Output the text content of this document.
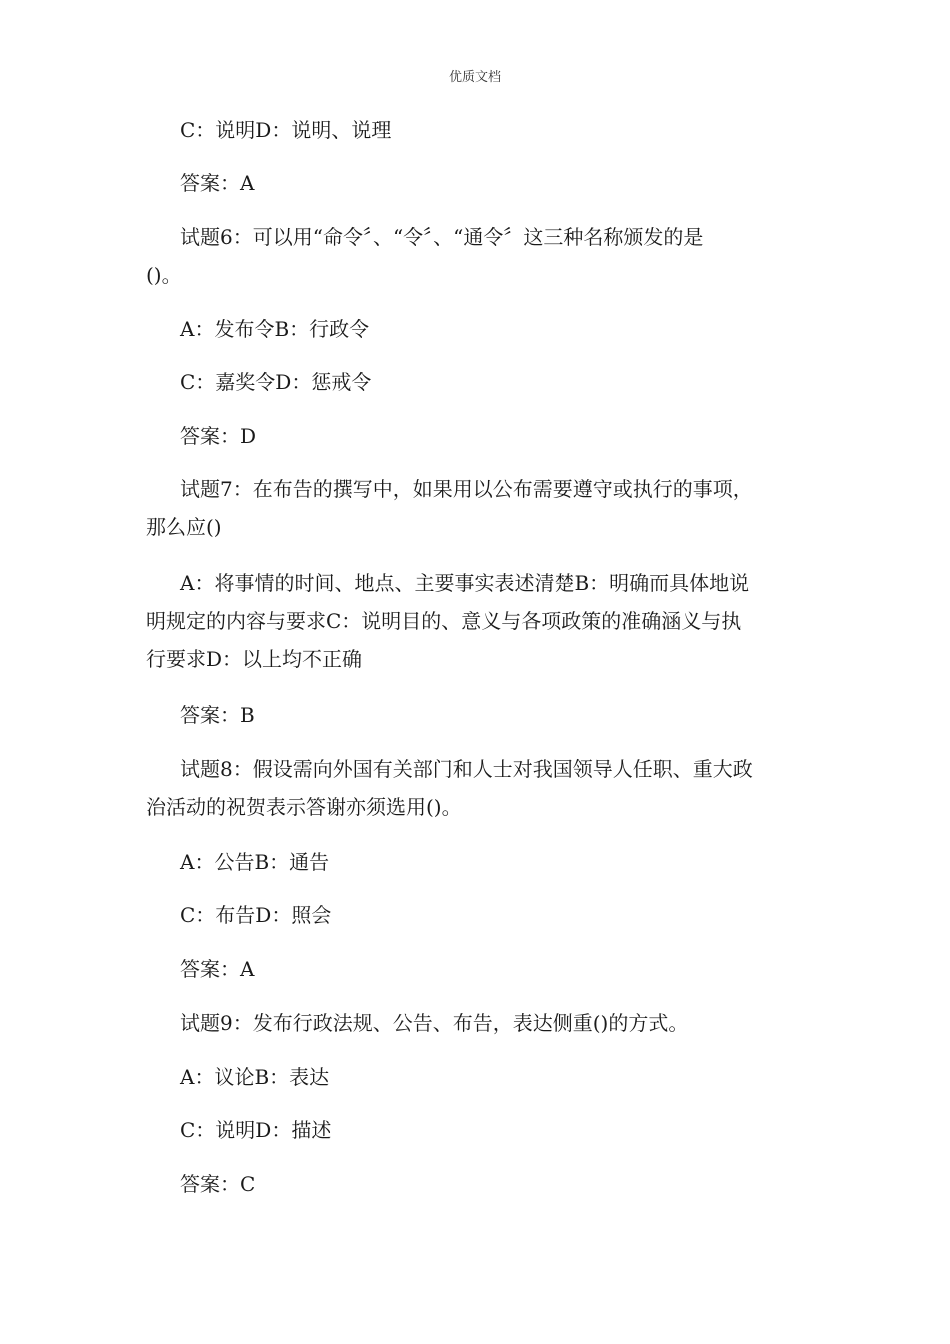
优质文档

C：说明D：说明、说理

答案：A

试题6：可以用“命令〞、“令〞、“通令〞这三种名称颁发的是

()。

A：发布令B：行政令

C：嘉奖令D：惩戒令

答案：D

试题7：在布告的撰写中，如果用以公布需要遵守或执行的事项，

那么应()

A：将事情的时间、地点、主要事实表述清楚B：明确而具体地说

明规定的内容与要求C：说明目的、意义与各项政策的准确涵义与执

行要求D：以上均不正确

答案：B

试题8：假设需向外国有关部门和人士对我国领导人任职、重大政

治活动的祝贺表示答谢亦须选用()。

A：公告B：通告

C：布告D：照会

答案：A

试题9：发布行政法规、公告、布告，表达侧重()的方式。

A：议论B：表达

C：说明D：描述

答案：C
